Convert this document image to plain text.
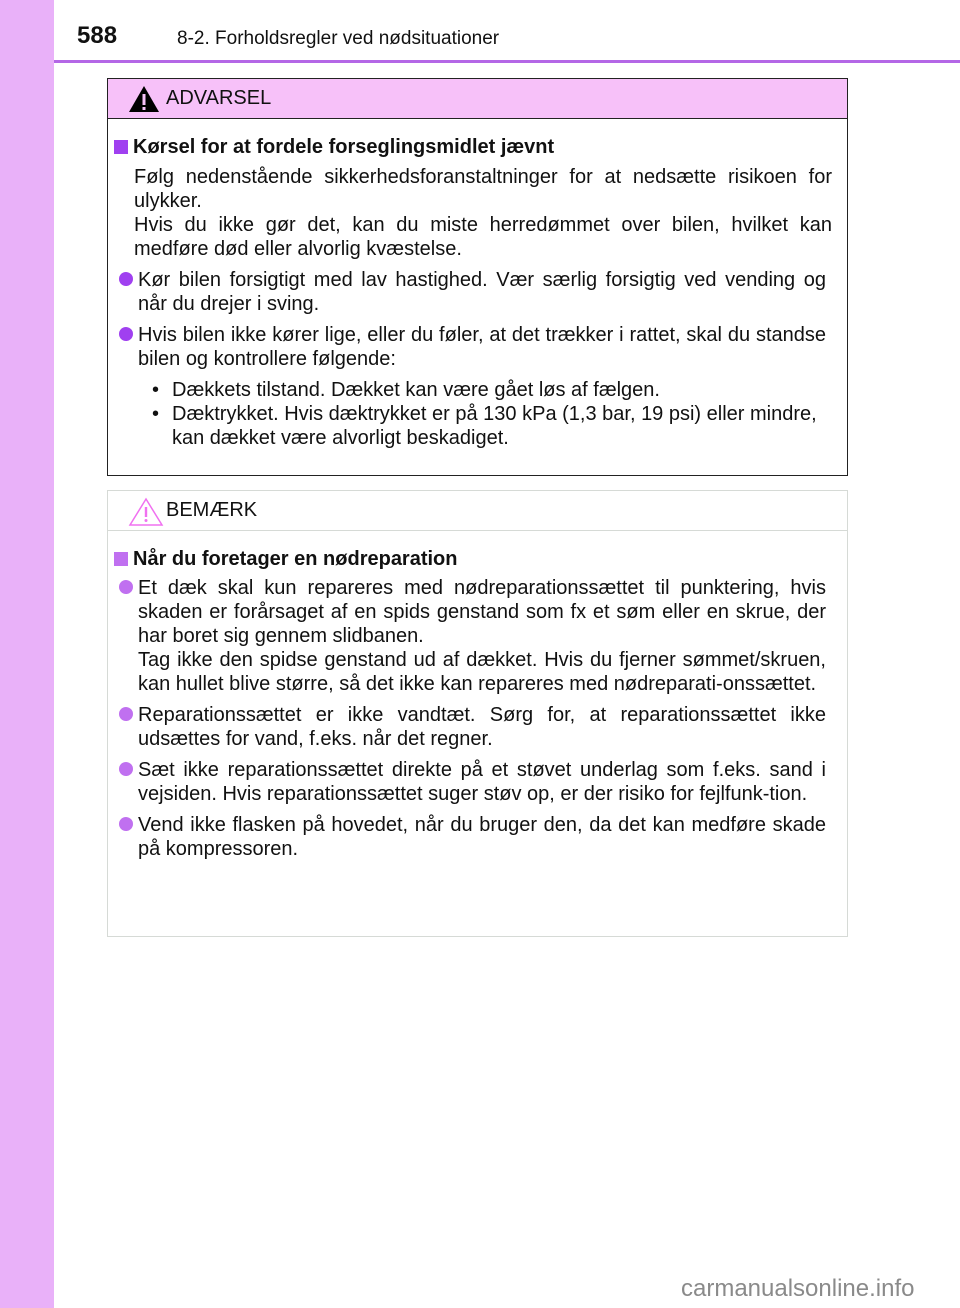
588	8-2. Forholdsregler ved nødsituationer
ADVARSEL
Kørsel for at fordele forseglingsmidlet jævnt
Følg nedenstående sikkerhedsforanstaltninger for at nedsætte risikoen for ulykker.
Hvis du ikke gør det, kan du miste herredømmet over bilen, hvilket kan medføre død eller alvorlig kvæstelse.
Kør bilen forsigtigt med lav hastighed. Vær særlig forsigtig ved vending og når du drejer i sving.
Hvis bilen ikke kører lige, eller du føler, at det trækker i rattet, skal du standse bilen og kontrollere følgende:
• Dækkets tilstand. Dækket kan være gået løs af fælgen.
• Dæktrykket. Hvis dæktrykket er på 130 kPa (1,3 bar, 19 psi) eller mindre, kan dækket være alvorligt beskadiget.
BEMÆRK
Når du foretager en nødreparation
Et dæk skal kun repareres med nødreparationssættet til punktering, hvis skaden er forårsaget af en spids genstand som fx et søm eller en skrue, der har boret sig gennem slidbanen.
Tag ikke den spidse genstand ud af dækket. Hvis du fjerner sømmet/skruen, kan hullet blive større, så det ikke kan repareres med nødreparati-onssættet.
Reparationssættet er ikke vandtæt. Sørg for, at reparationssættet ikke udsættes for vand, f.eks. når det regner.
Sæt ikke reparationssættet direkte på et støvet underlag som f.eks. sand i vejsiden. Hvis reparationssættet suger støv op, er der risiko for fejlfunk-tion.
Vend ikke flasken på hovedet, når du bruger den, da det kan medføre skade på kompressoren.
carmanualsonline.info
